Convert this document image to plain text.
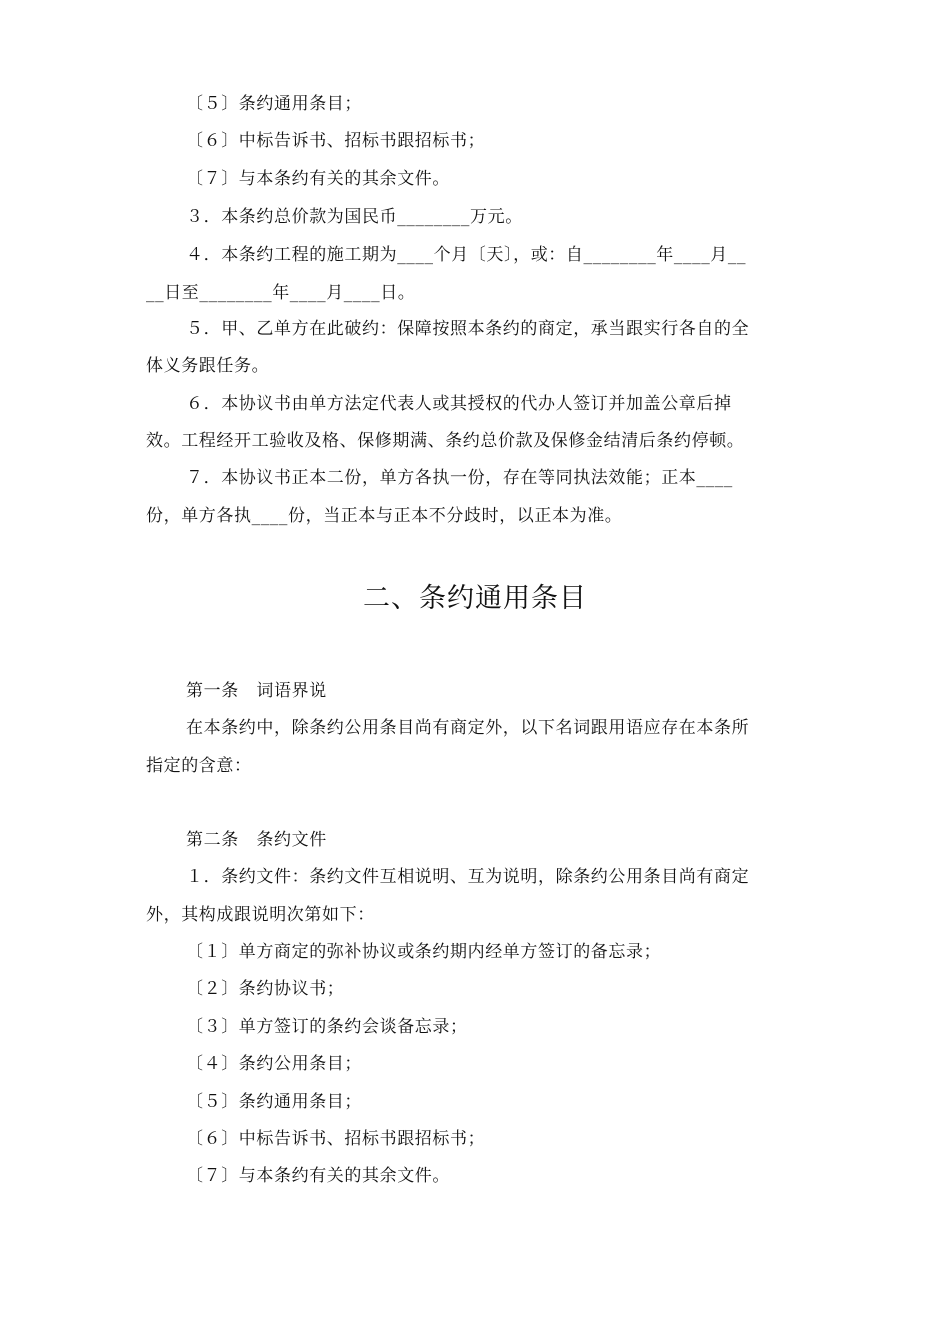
〔５〕条约通用条目；
〔６〕中标告诉书、招标书跟招标书；
〔７〕与本条约有关的其余文件。
３．本条约总价款为国民币________万元。
４．本条约工程的施工期为____个月〔天〕，或：自________年____月__
__日至________年____月____日。
５．甲、乙单方在此破约：保障按照本条约的商定，承当跟实行各自的全
体义务跟任务。
６．本协议书由单方法定代表人或其授权的代办人签订并加盖公章后掉
效。工程经开工验收及格、保修期满、条约总价款及保修金结清后条约停顿。
７．本协议书正本二份，单方各执一份，存在等同执法效能；正本____
份，单方各执____份，当正本与正本不分歧时，以正本为准。
二、条约通用条目
第一条　词语界说
在本条约中，除条约公用条目尚有商定外，以下名词跟用语应存在本条所
指定的含意：
第二条　条约文件
１．条约文件：条约文件互相说明、互为说明，除条约公用条目尚有商定
外，其构成跟说明次第如下：
〔１〕单方商定的弥补协议或条约期内经单方签订的备忘录；
〔２〕条约协议书；
〔３〕单方签订的条约会谈备忘录；
〔４〕条约公用条目；
〔５〕条约通用条目；
〔６〕中标告诉书、招标书跟招标书；
〔７〕与本条约有关的其余文件。
